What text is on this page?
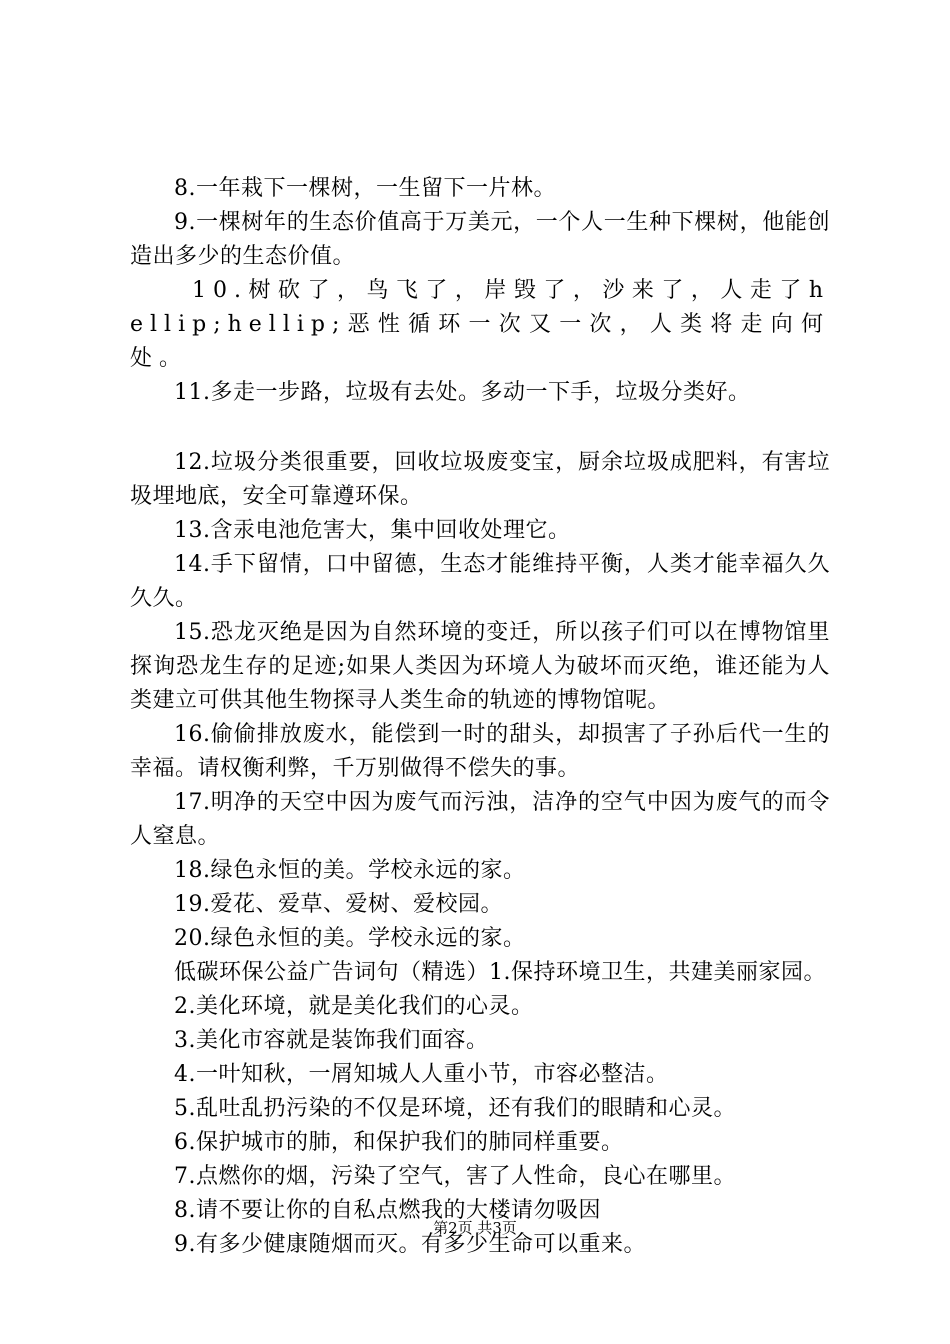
8.一年栽下一棵树，一生留下一片林。

9.一棵树年的生态价值高于万美元，一个人一生种下棵树，他能创造出多少的生态价值。

10.树砍了，鸟飞了，岸毁了，沙来了，人走了hellip;hellip;恶性循环一次又一次，人类将走向何处。

11.多走一步路，垃圾有去处。多动一下手，垃圾分类好。

12.垃圾分类很重要，回收垃圾废变宝，厨余垃圾成肥料，有害垃圾埋地底，安全可靠遵环保。

13.含汞电池危害大，集中回收处理它。

14.手下留情，口中留德，生态才能维持平衡，人类才能幸福久久久久。

15.恐龙灭绝是因为自然环境的变迁，所以孩子们可以在博物馆里探询恐龙生存的足迹;如果人类因为环境人为破坏而灭绝，谁还能为人类建立可供其他生物探寻人类生命的轨迹的博物馆呢。

16.偷偷排放废水，能偿到一时的甜头，却损害了子孙后代一生的幸福。请权衡利弊，千万别做得不偿失的事。

17.明净的天空中因为废气而污浊，洁净的空气中因为废气的而令人窒息。

18.绿色永恒的美。学校永远的家。

19.爱花、爱草、爱树、爱校园。

20.绿色永恒的美。学校永远的家。

低碳环保公益广告词句（精选）1.保持环境卫生，共建美丽家园。

2.美化环境，就是美化我们的心灵。

3.美化市容就是装饰我们面容。

4.一叶知秋，一屑知城人人重小节，市容必整洁。

5.乱吐乱扔污染的不仅是环境，还有我们的眼睛和心灵。

6.保护城市的肺，和保护我们的肺同样重要。

7.点燃你的烟，污染了空气，害了人性命，良心在哪里。

8.请不要让你的自私点燃我的大楼请勿吸因

9.有多少健康随烟而灭。有多少生命可以重来。

第2页 共3页
